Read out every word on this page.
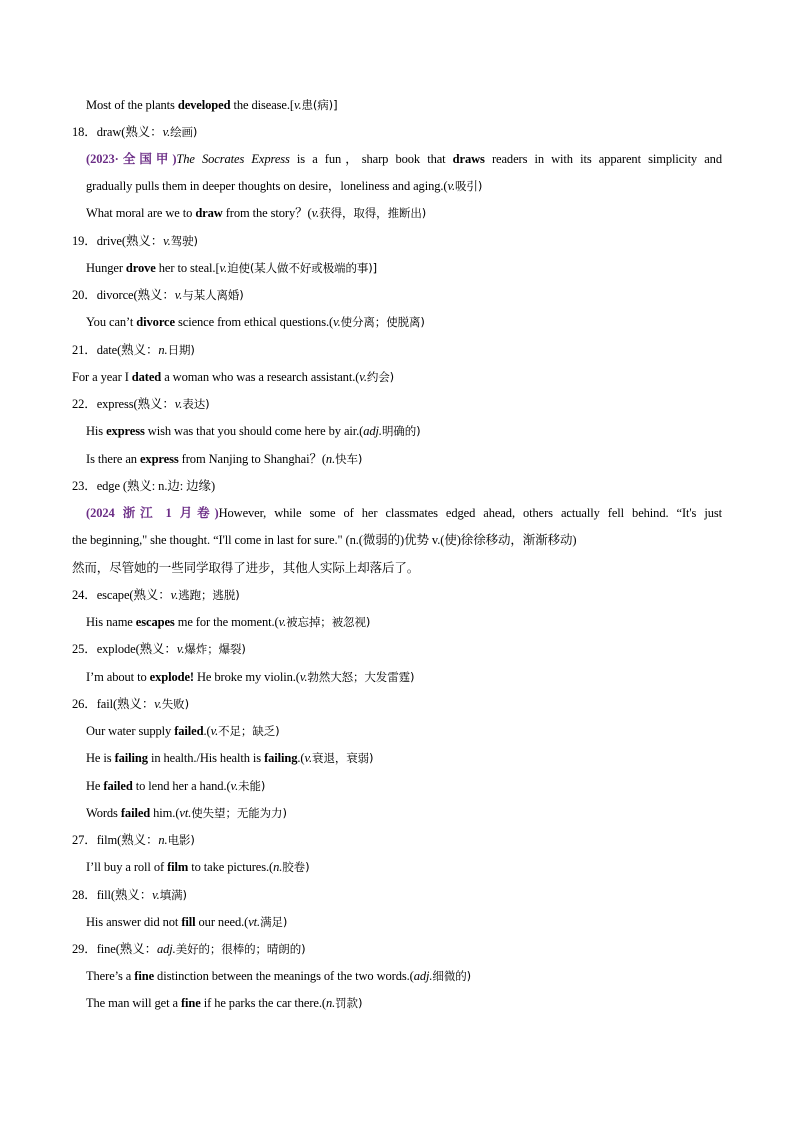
Most of the plants developed the disease.[v.患(病)]
18．draw(熟义：v.绘画)
(2023·全国甲)The Socrates Express is a fun，sharp book that draws readers in with its apparent simplicity and
gradually pulls them in deeper thoughts on desire，loneliness and aging.(v.吸引)
What moral are we to draw from the story？(v.获得，取得，推断出)
19．drive(熟义：v.驾驶)
Hunger drove her to steal.[v.迫使(某人做不好或极端的事)]
20．divorce(熟义：v.与某人离婚)
You can’t divorce science from ethical questions.(v.使分离；使脱离)
21．date(熟义：n.日期)
For a year I dated a woman who was a research assistant.(v.约会)
22．express(熟义：v.表达)
His express wish was that you should come here by air.(adj.明确的)
Is there an express from Nanjing to Shanghai？(n.快车)
23．edge (熟义: n.边: 边缘)
(2024 浙江 1 月卷)However, while some of her classmates edged ahead, others actually fell behind. “It's just
the beginning," she thought. “I'll come in last for sure." (n.(微弱的)优势 v.(使)徐徐移动，渐渐移动)
然而，尽管她的一些同学取得了进步，其他人实际上却落后了。
24．escape(熟义：v.逃跑；逃脱)
His name escapes me for the moment.(v.被忘掉；被忽视)
25．explode(熟义：v.爆炸；爆裂)
I’m about to explode! He broke my violin.(v.勃然大怒；大发雷霆)
26．fail(熟义：v.失败)
Our water supply failed.(v.不足；缺乏)
He is failing in health./His health is failing.(v.衰退，衰弱)
He failed to lend her a hand.(v.未能)
Words failed him.(vt.使失望；无能为力)
27．film(熟义：n.电影)
I’ll buy a roll of film to take pictures.(n.胶卷)
28．fill(熟义：v.填满)
His answer did not fill our need.(vt.满足)
29．fine(熟义：adj.美好的；很棒的；晴朗的)
There’s a fine distinction between the meanings of the two words.(adj.细微的)
The man will get a fine if he parks the car there.(n.罚款)
